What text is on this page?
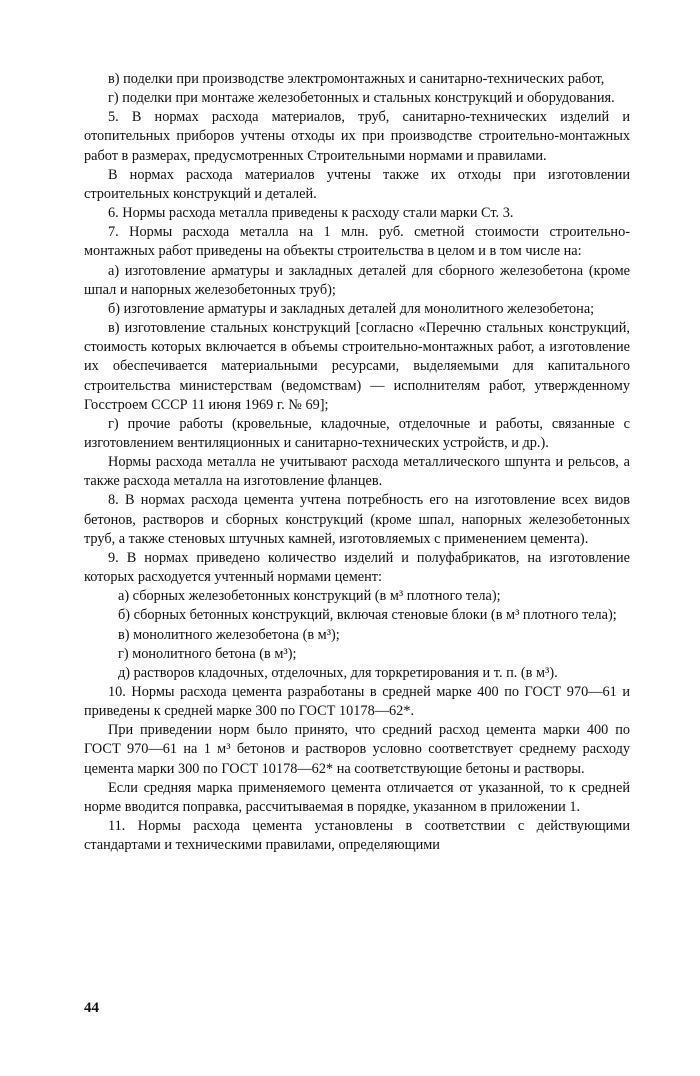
в) поделки при производстве электромонтажных и санитарно-технических работ,

г) поделки при монтаже железобетонных и стальных конструкций и оборудования.

5. В нормах расхода материалов, труб, санитарно-технических изделий и отопительных приборов учтены отходы их при производстве строительно-монтажных работ в размерах, предусмотренных Строительными нормами и правилами.

В нормах расхода материалов учтены также их отходы при изготовлении строительных конструкций и деталей.

6. Нормы расхода металла приведены к расходу стали марки Ст. 3.

7. Нормы расхода металла на 1 млн. руб. сметной стоимости строительно-монтажных работ приведены на объекты строительства в целом и в том числе на:

а) изготовление арматуры и закладных деталей для сборного железобетона (кроме шпал и напорных железобетонных труб);

б) изготовление арматуры и закладных деталей для монолитного железобетона;

в) изготовление стальных конструкций [согласно «Перечню стальных конструкций, стоимость которых включается в объемы строительно-монтажных работ, а изготовление их обеспечивается материальными ресурсами, выделяемыми для капитального строительства министерствам (ведомствам) — исполнителям работ, утвержденному Госстроем СССР 11 июня 1969 г. № 69];

г) прочие работы (кровельные, кладочные, отделочные и работы, связанные с изготовлением вентиляционных и санитарно-технических устройств, и др.).

Нормы расхода металла не учитывают расхода металлического шпунта и рельсов, а также расхода металла на изготовление фланцев.

8. В нормах расхода цемента учтена потребность его на изготовление всех видов бетонов, растворов и сборных конструкций (кроме шпал, напорных железобетонных труб, а также стеновых штучных камней, изготовляемых с применением цемента).

9. В нормах приведено количество изделий и полуфабрикатов, на изготовление которых расходуется учтенный нормами цемент:

а) сборных железобетонных конструкций (в м³ плотного тела);

б) сборных бетонных конструкций, включая стеновые блоки (в м³ плотного тела);

в) монолитного железобетона (в м³);

г) монолитного бетона (в м³);

д) растворов кладочных, отделочных, для торкретирования и т. п. (в м³).

10. Нормы расхода цемента разработаны в средней марке 400 по ГОСТ 970—61 и приведены к средней марке 300 по ГОСТ 10178—62*.

При приведении норм было принято, что средний расход цемента марки 400 по ГОСТ 970—61 на 1 м³ бетонов и растворов условно соответствует среднему расходу цемента марки 300 по ГОСТ 10178—62* на соответствующие бетоны и растворы.

Если средняя марка применяемого цемента отличается от указанной, то к средней норме вводится поправка, рассчитываемая в порядке, указанном в приложении 1.

11. Нормы расхода цемента установлены в соответствии с действующими стандартами и техническими правилами, определяющими

44
